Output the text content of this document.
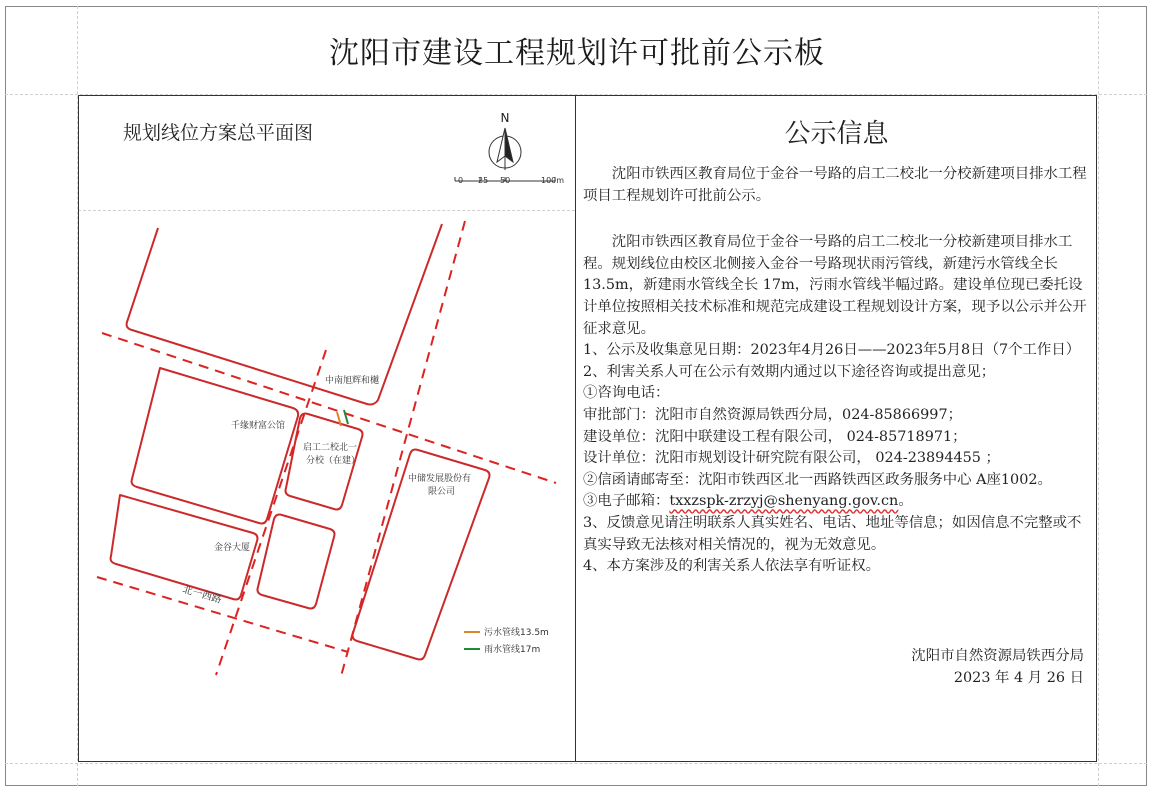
沈阳市建设工程规划许可批前公示板
规划线位方案总平面图
N
0 25 50	100m
中南旭辉和樾
千缘财富公馆
启工二校北一
分校（在建）
中储发展股份有
限公司
金谷大厦
北一西路
污水管线13.5m
雨水管线17m
公示信息

沈阳市铁西区教育局位于金谷一号路的启工二校北一分校新建项目排水工程项目工程规划许可批前公示。

沈阳市铁西区教育局位于金谷一号路的启工二校北一分校新建项目排水工程。规划线位由校区北侧接入金谷一号路现状雨污管线，新建污水管线全长 13.5m，新建雨水管线全长 17m，污雨水管线半幅过路。建设单位现已委托设计单位按照相关技术标准和规范完成建设工程规划设计方案，现予以公示并公开征求意见。

1、公示及收集意见日期：2023年4月26日——2023年5月8日（7个工作日）

2、利害关系人可在公示有效期内通过以下途径咨询或提出意见；

①咨询电话：

审批部门：沈阳市自然资源局铁西分局，024-85866997；

建设单位：沈阳中联建设工程有限公司， 024-85718971；

设计单位：沈阳市规划设计研究院有限公司， 024-23894455 ；

②信函请邮寄至：沈阳市铁西区北一西路铁西区政务服务中心 A座1002。

③电子邮箱：txxzspk-zrzyj@shenyang.gov.cn。

3、反馈意见请注明联系人真实姓名、电话、地址等信息；如因信息不完整或不真实导致无法核对相关情况的，视为无效意见。

4、本方案涉及的利害关系人依法享有听证权。

沈阳市自然资源局铁西分局
2023 年 4 月 26 日
